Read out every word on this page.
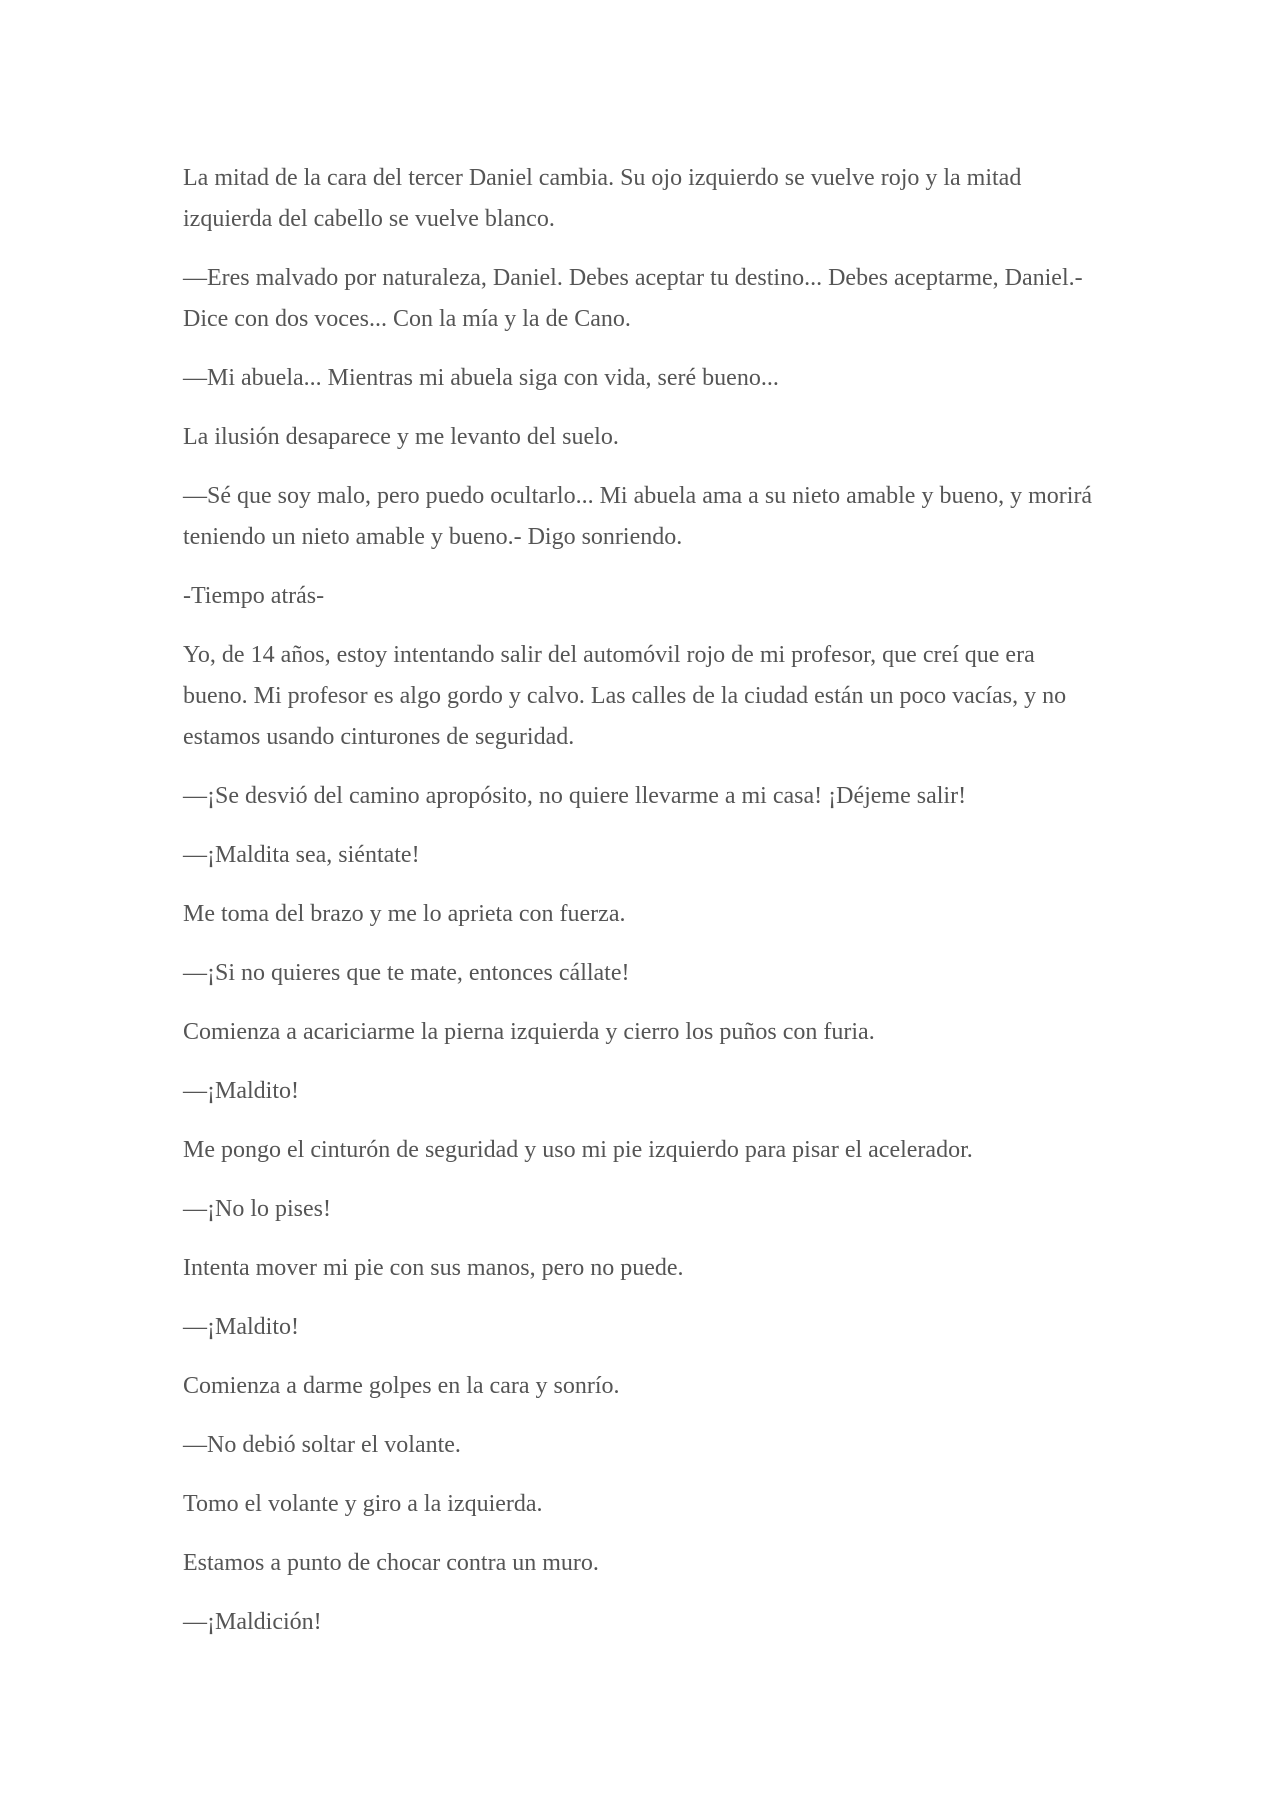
La mitad de la cara del tercer Daniel cambia. Su ojo izquierdo se vuelve rojo y la mitad izquierda del cabello se vuelve blanco.

—Eres malvado por naturaleza, Daniel. Debes aceptar tu destino... Debes aceptarme, Daniel.- Dice con dos voces... Con la mía y la de Cano.

—Mi abuela... Mientras mi abuela siga con vida, seré bueno...

La ilusión desaparece y me levanto del suelo.

—Sé que soy malo, pero puedo ocultarlo... Mi abuela ama a su nieto amable y bueno, y morirá teniendo un nieto amable y bueno.- Digo sonriendo.

-Tiempo atrás-

Yo, de 14 años, estoy intentando salir del automóvil rojo de mi profesor, que creí que era bueno. Mi profesor es algo gordo y calvo. Las calles de la ciudad están un poco vacías, y no estamos usando cinturones de seguridad.

—¡Se desvió del camino apropósito, no quiere llevarme a mi casa! ¡Déjeme salir!

—¡Maldita sea, siéntate!

Me toma del brazo y me lo aprieta con fuerza.

—¡Si no quieres que te mate, entonces cállate!

Comienza a acariciarme la pierna izquierda y cierro los puños con furia.

—¡Maldito!

Me pongo el cinturón de seguridad y uso mi pie izquierdo para pisar el acelerador.

—¡No lo pises!

Intenta mover mi pie con sus manos, pero no puede.

—¡Maldito!

Comienza a darme golpes en la cara y sonrío.

—No debió soltar el volante.

Tomo el volante y giro a la izquierda.

Estamos a punto de chocar contra un muro.

—¡Maldición!
